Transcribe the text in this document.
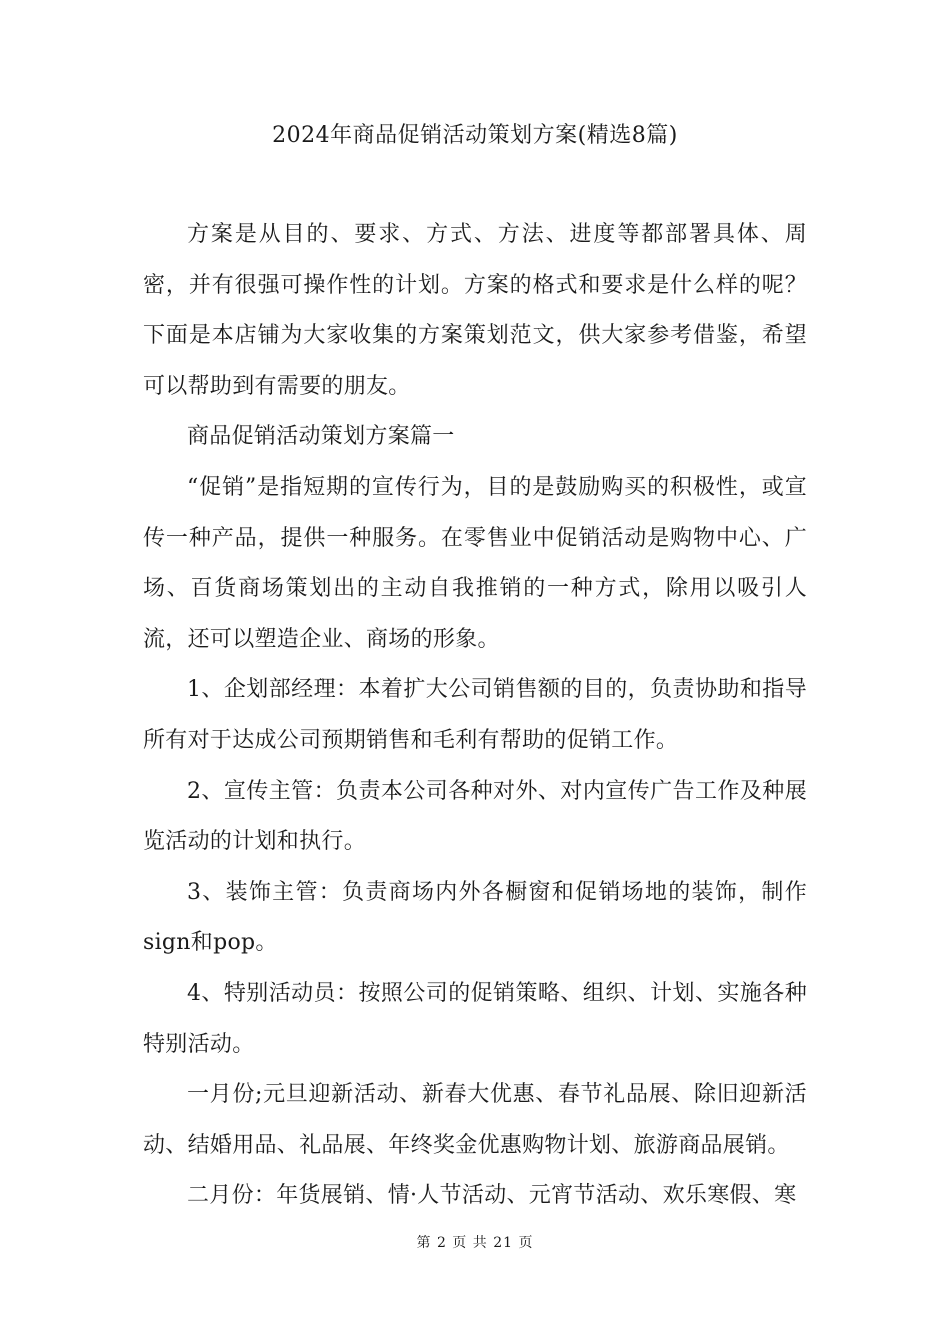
2024年商品促销活动策划方案(精选8篇)

方案是从目的、要求、方式、方法、进度等都部署具体、周密，并有很强可操作性的计划。方案的格式和要求是什么样的呢？下面是本店铺为大家收集的方案策划范文，供大家参考借鉴，希望可以帮助到有需要的朋友。

商品促销活动策划方案篇一

“促销”是指短期的宣传行为，目的是鼓励购买的积极性，或宣传一种产品，提供一种服务。在零售业中促销活动是购物中心、广场、百货商场策划出的主动自我推销的一种方式，除用以吸引人流，还可以塑造企业、商场的形象。

1、企划部经理：本着扩大公司销售额的目的，负责协助和指导所有对于达成公司预期销售和毛利有帮助的促销工作。

2、宣传主管：负责本公司各种对外、对内宣传广告工作及种展览活动的计划和执行。

3、装饰主管：负责商场内外各橱窗和促销场地的装饰，制作sign和pop。

4、特别活动员：按照公司的促销策略、组织、计划、实施各种特别活动。

一月份;元旦迎新活动、新春大优惠、春节礼品展、除旧迎新活动、结婚用品、礼品展、年终奖金优惠购物计划、旅游商品展销。

二月份：年货展销、情·人节活动、元宵节活动、欢乐寒假、寒

第 2 页 共 21 页
